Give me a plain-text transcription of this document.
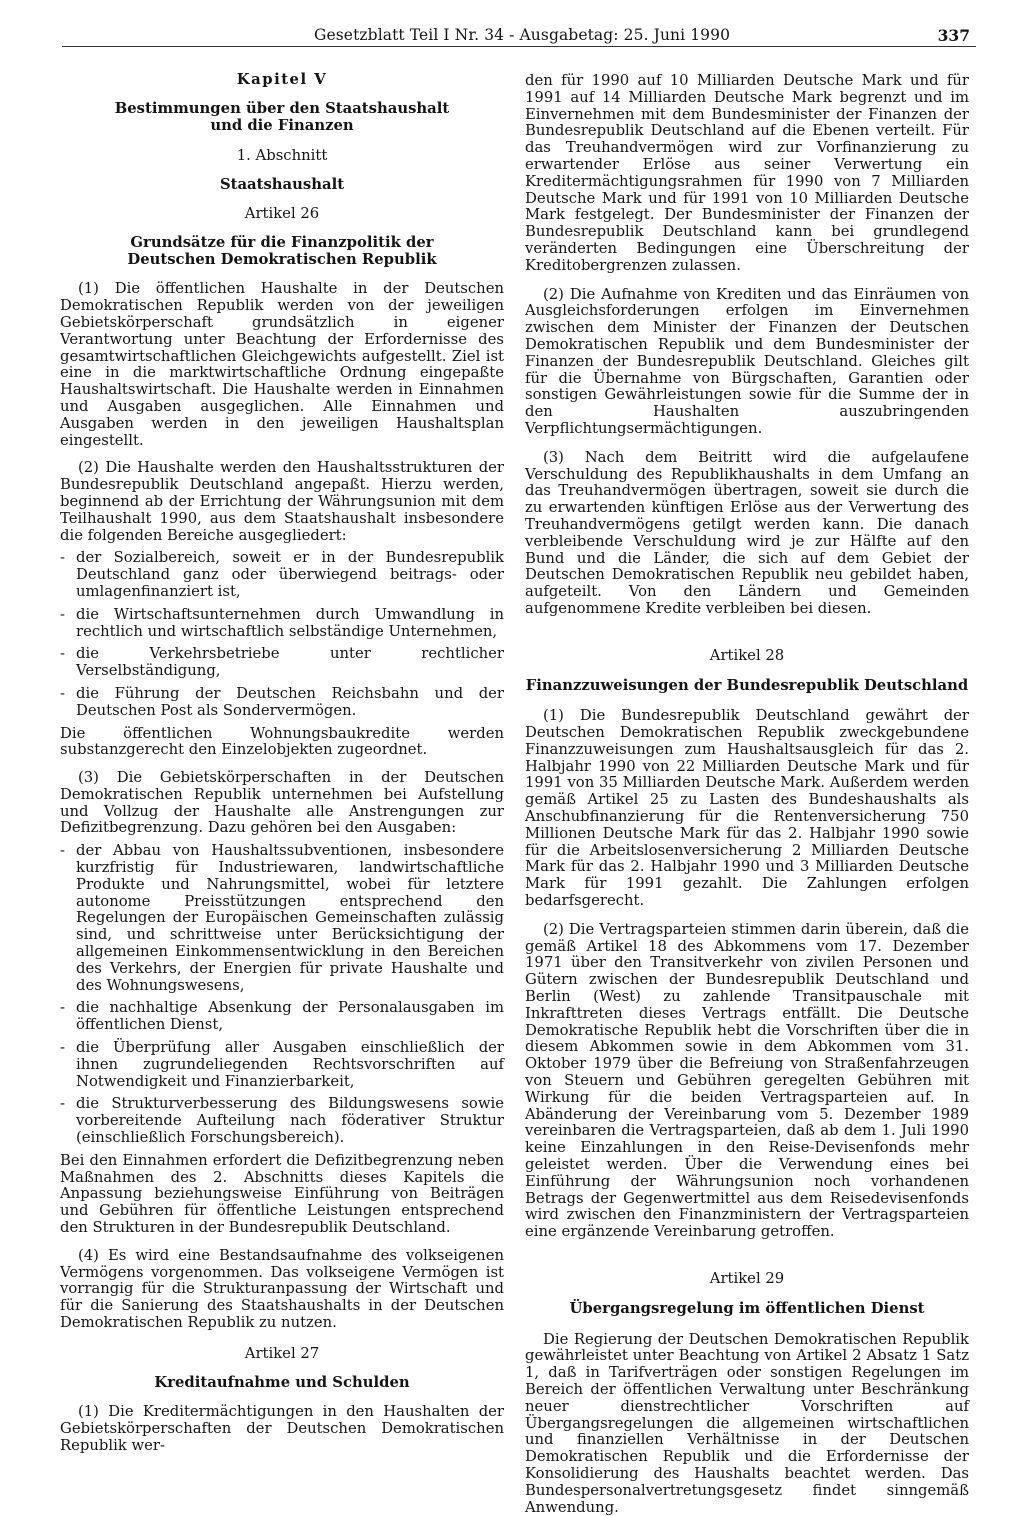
Gesetzblatt Teil I Nr. 34 - Ausgabetag: 25. Juni 1990	337

Kapitel V

Bestimmungen über den Staatshaushalt und die Finanzen

1. Abschnitt

Staatshaushalt

Artikel 26

Grundsätze für die Finanzpolitik der Deutschen Demokratischen Republik

(1) Die öffentlichen Haushalte in der Deutschen Demokratischen Republik werden von der jeweiligen Gebietskörperschaft grundsätzlich in eigener Verantwortung unter Beachtung der Erfordernisse des gesamtwirtschaftlichen Gleichgewichts aufgestellt. Ziel ist eine in die marktwirtschaftliche Ordnung eingepaßte Haushaltswirtschaft. Die Haushalte werden in Einnahmen und Ausgaben ausgeglichen. Alle Einnahmen und Ausgaben werden in den jeweiligen Haushaltsplan eingestellt.

(2) Die Haushalte werden den Haushaltsstrukturen der Bundesrepublik Deutschland angepaßt. Hierzu werden, beginnend ab der Errichtung der Währungsunion mit dem Teilhaushalt 1990, aus dem Staatshaushalt insbesondere die folgenden Bereiche ausgegliedert:

- der Sozialbereich, soweit er in der Bundesrepublik Deutschland ganz oder überwiegend beitrags- oder umlagenfinanziert ist,
- die Wirtschaftsunternehmen durch Umwandlung in rechtlich und wirtschaftlich selbständige Unternehmen,
- die Verkehrsbetriebe unter rechtlicher Verselbständigung,
- die Führung der Deutschen Reichsbahn und der Deutschen Post als Sondervermögen.

Die öffentlichen Wohnungsbaukredite werden substanzgerecht den Einzelobjekten zugeordnet.

(3) Die Gebietskörperschaften in der Deutschen Demokratischen Republik unternehmen bei Aufstellung und Vollzug der Haushalte alle Anstrengungen zur Defizitbegrenzung. Dazu gehören bei den Ausgaben:

- der Abbau von Haushaltssubventionen, insbesondere kurzfristig für Industriewaren, landwirtschaftliche Produkte und Nahrungsmittel, wobei für letztere autonome Preisstützungen entsprechend den Regelungen der Europäischen Gemeinschaften zulässig sind, und schrittweise unter Berücksichtigung der allgemeinen Einkommensentwicklung in den Bereichen des Verkehrs, der Energien für private Haushalte und des Wohnungswesens,
- die nachhaltige Absenkung der Personalausgaben im öffentlichen Dienst,
- die Überprüfung aller Ausgaben einschließlich der ihnen zugrundeliegenden Rechtsvorschriften auf Notwendigkeit und Finanzierbarkeit,
- die Strukturverbesserung des Bildungswesens sowie vorbereitende Aufteilung nach föderativer Struktur (einschließlich Forschungsbereich).

Bei den Einnahmen erfordert die Defizitbegrenzung neben Maßnahmen des 2. Abschnitts dieses Kapitels die Anpassung beziehungsweise Einführung von Beiträgen und Gebühren für öffentliche Leistungen entsprechend den Strukturen in der Bundesrepublik Deutschland.

(4) Es wird eine Bestandsaufnahme des volkseigenen Vermögens vorgenommen. Das volkseigene Vermögen ist vorrangig für die Strukturanpassung der Wirtschaft und für die Sanierung des Staatshaushalts in der Deutschen Demokratischen Republik zu nutzen.

Artikel 27

Kreditaufnahme und Schulden

(1) Die Kreditermächtigungen in den Haushalten der Gebietskörperschaften der Deutschen Demokratischen Republik wer-

den für 1990 auf 10 Milliarden Deutsche Mark und für 1991 auf 14 Milliarden Deutsche Mark begrenzt und im Einvernehmen mit dem Bundesminister der Finanzen der Bundesrepublik Deutschland auf die Ebenen verteilt. Für das Treuhandvermögen wird zur Vorfinanzierung zu erwartender Erlöse aus seiner Verwertung ein Kreditermächtigungsrahmen für 1990 von 7 Milliarden Deutsche Mark und für 1991 von 10 Milliarden Deutsche Mark festgelegt. Der Bundesminister der Finanzen der Bundesrepublik Deutschland kann bei grundlegend veränderten Bedingungen eine Überschreitung der Kreditobergrenzen zulassen.

(2) Die Aufnahme von Krediten und das Einräumen von Ausgleichsforderungen erfolgen im Einvernehmen zwischen dem Minister der Finanzen der Deutschen Demokratischen Republik und dem Bundesminister der Finanzen der Bundesrepublik Deutschland. Gleiches gilt für die Übernahme von Bürgschaften, Garantien oder sonstigen Gewährleistungen sowie für die Summe der in den Haushalten auszubringenden Verpflichtungsermächtigungen.

(3) Nach dem Beitritt wird die aufgelaufene Verschuldung des Republikhaushalts in dem Umfang an das Treuhandvermögen übertragen, soweit sie durch die zu erwartenden künftigen Erlöse aus der Verwertung des Treuhandvermögens getilgt werden kann. Die danach verbleibende Verschuldung wird je zur Hälfte auf den Bund und die Länder, die sich auf dem Gebiet der Deutschen Demokratischen Republik neu gebildet haben, aufgeteilt. Von den Ländern und Gemeinden aufgenommene Kredite verbleiben bei diesen.

Artikel 28

Finanzzuweisungen der Bundesrepublik Deutschland

(1) Die Bundesrepublik Deutschland gewährt der Deutschen Demokratischen Republik zweckgebundene Finanzzuweisungen zum Haushaltsausgleich für das 2. Halbjahr 1990 von 22 Milliarden Deutsche Mark und für 1991 von 35 Milliarden Deutsche Mark. Außerdem werden gemäß Artikel 25 zu Lasten des Bundeshaushalts als Anschubfinanzierung für die Rentenversicherung 750 Millionen Deutsche Mark für das 2. Halbjahr 1990 sowie für die Arbeitslosenversicherung 2 Milliarden Deutsche Mark für das 2. Halbjahr 1990 und 3 Milliarden Deutsche Mark für 1991 gezahlt. Die Zahlungen erfolgen bedarfsgerecht.

(2) Die Vertragsparteien stimmen darin überein, daß die gemäß Artikel 18 des Abkommens vom 17. Dezember 1971 über den Transitverkehr von zivilen Personen und Gütern zwischen der Bundesrepublik Deutschland und Berlin (West) zu zahlende Transitpauschale mit Inkrafttreten dieses Vertrags entfällt. Die Deutsche Demokratische Republik hebt die Vorschriften über die in diesem Abkommen sowie in dem Abkommen vom 31. Oktober 1979 über die Befreiung von Straßenfahrzeugen von Steuern und Gebühren geregelten Gebühren mit Wirkung für die beiden Vertragsparteien auf. In Abänderung der Vereinbarung vom 5. Dezember 1989 vereinbaren die Vertragsparteien, daß ab dem 1. Juli 1990 keine Einzahlungen in den Reise-Devisenfonds mehr geleistet werden. Über die Verwendung eines bei Einführung der Währungsunion noch vorhandenen Betrags der Gegenwertmittel aus dem Reisedevisenfonds wird zwischen den Finanzministern der Vertragsparteien eine ergänzende Vereinbarung getroffen.

Artikel 29

Übergangsregelung im öffentlichen Dienst

Die Regierung der Deutschen Demokratischen Republik gewährleistet unter Beachtung von Artikel 2 Absatz 1 Satz 1, daß in Tarifverträgen oder sonstigen Regelungen im Bereich der öffentlichen Verwaltung unter Beschränkung neuer dienstrechtlicher Vorschriften auf Übergangsregelungen die allgemeinen wirtschaftlichen und finanziellen Verhältnisse in der Deutschen Demokratischen Republik und die Erfordernisse der Konsolidierung des Haushalts beachtet werden. Das Bundespersonalvertretungsgesetz findet sinngemäß Anwendung.
